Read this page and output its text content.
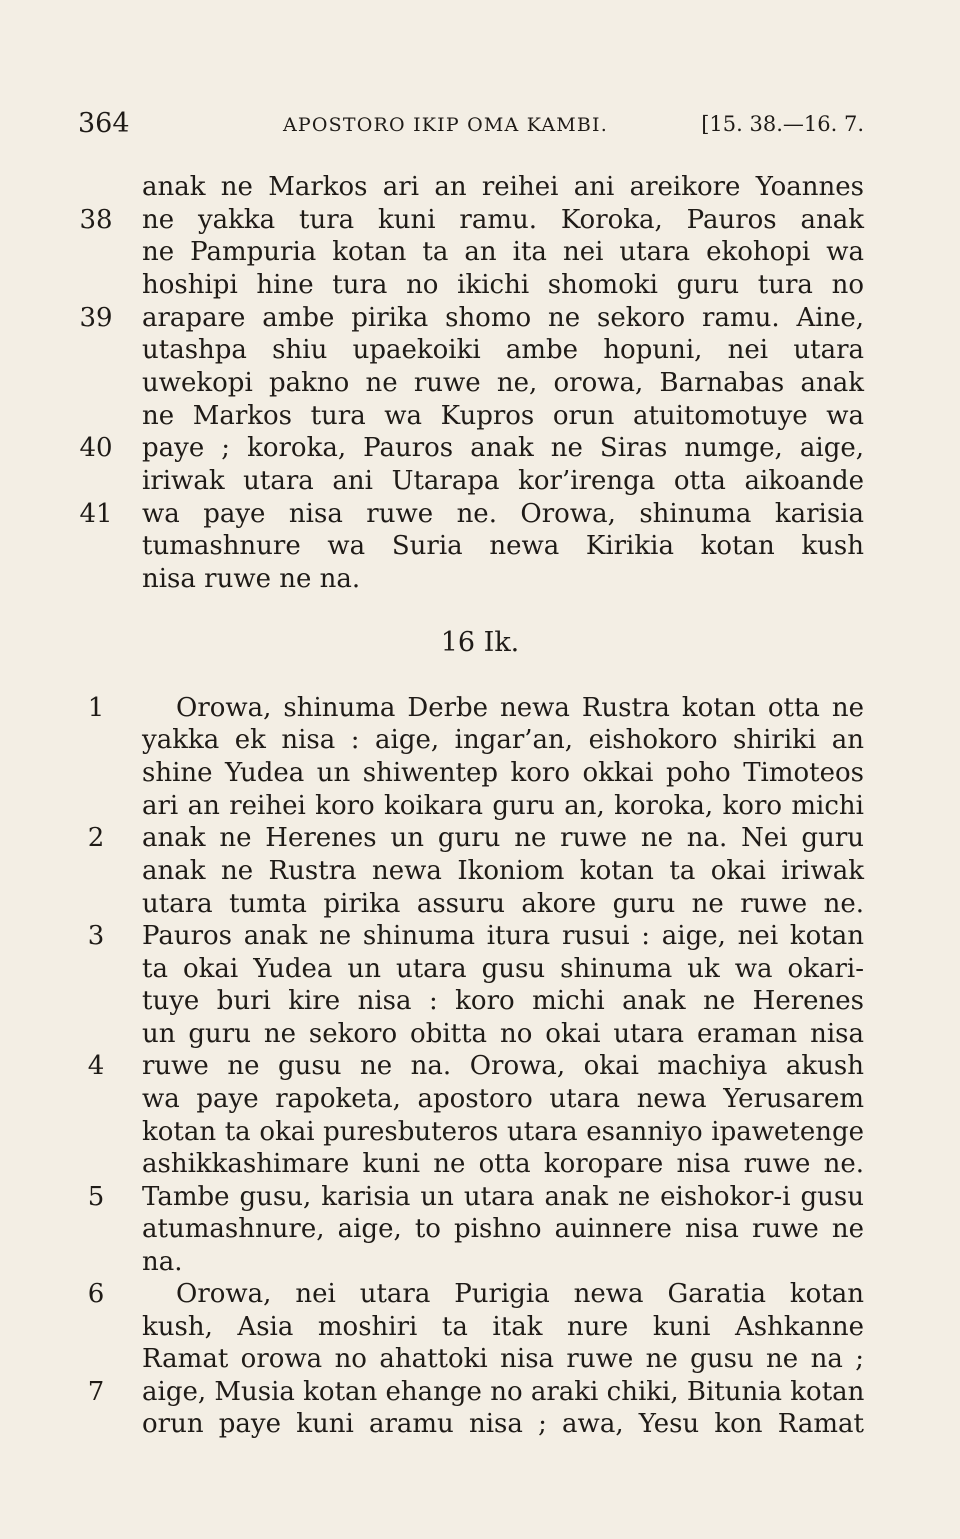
364	APOSTORO IKIP OMA KAMBI.	[15. 38.—16. 7.
anak ne Markos ari an reihei ani areikore Yoannes
38 ne yakka tura kuni ramu. Koroka, Pauros anak
ne Pampuria kotan ta an ita nei utara ekohopi wa
hoshipi hine tura no ikichi shomoki guru tura no
39 arapare ambe pirika shomo ne sekoro ramu. Aine,
utashpa shiu upaekoiki ambe hopuni, nei utara
uwekopi pakno ne ruwe ne, orowa, Barnabas anak
ne Markos tura wa Kupros orun atuitomotuye wa
40 paye ; koroka, Pauros anak ne Siras numge, aige,
iriwak utara ani Utarapa kor’irenga otta aikoande
41 wa paye nisa ruwe ne. Orowa, shinuma karisia
tumashnure wa Suria newa Kirikia kotan kush
nisa ruwe ne na.
16 Ik.
1	Orowa, shinuma Derbe newa Rustra kotan otta ne
yakka ek nisa : aige, ingar’an, eishokoro shiriki an
shine Yudea un shiwentep koro okkai poho Timoteos
ari an reihei koro koikara guru an, koroka, koro michi
2	anak ne Herenes un guru ne ruwe ne na. Nei guru
anak ne Rustra newa Ikoniom kotan ta okai iriwak
utara tumta pirika assuru akore guru ne ruwe ne.
3	Pauros anak ne shinuma itura rusui : aige, nei kotan
ta okai Yudea un utara gusu shinuma uk wa okari-
tuye buri kire nisa : koro michi anak ne Herenes
un guru ne sekoro obitta no okai utara eraman nisa
4	ruwe ne gusu ne na. Orowa, okai machiya akush
wa paye rapoketa, apostoro utara newa Yerusarem
kotan ta okai puresbuteros utara esanniyo ipawetenge
ashikkashimare kuni ne otta koropare nisa ruwe ne.
5	Tambe gusu, karisia un utara anak ne eishokor-i gusu
atumashnure, aige, to pishno auinnere nisa ruwe ne
na.
6	Orowa, nei utara Purigia newa Garatia kotan
kush, Asia moshiri ta itak nure kuni Ashkanne
Ramat orowa no ahattoki nisa ruwe ne gusu ne na ;
7	aige, Musia kotan ehange no araki chiki, Bitunia kotan
orun paye kuni aramu nisa ; awa, Yesu kon Ramat
